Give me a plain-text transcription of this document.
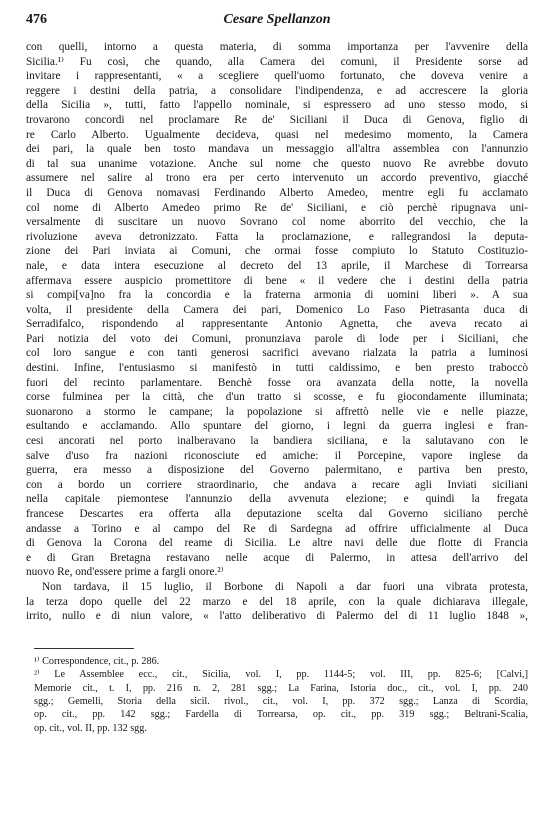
476	Cesare Spellanzon
con quelli, intorno a questa materia, di somma importanza per l'avvenire della
Sicilia.¹⁾ Fu così, che quando, alla Camera dei comuni, il Presidente sorse ad
invitare i rappresentanti, « a scegliere quell'uomo fortunato, che doveva venire a
reggere i destini della patria, a consolidare l'indipendenza, e ad accrescere la gloria
della Sicilia », tutti, fatto l'appello nominale, si espressero ad uno stesso modo, si
trovarono concordi nel proclamare Re de' Siciliani il Duca di Genova, figlio di
re Carlo Alberto. Ugualmente decideva, quasi nel medesimo momento, la Camera
dei pari, la quale ben tosto mandava un messaggio all'altra assemblea con l'annunzio
di tal sua unanime votazione. Anche sul nome che questo nuovo Re avrebbe dovuto
assumere nel salire al trono era per certo intervenuto un accordo preventivo, giacché
il Duca di Genova nomavasi Ferdinando Alberto Amedeo, mentre egli fu acclamato
col nome di Alberto Amedeo primo Re de' Siciliani, e ciò perchè ripugnava uni-
versalmente di suscitare un nuovo Sovrano col nome aborrito del vecchio, che la
rivoluzione aveva detronizzato. Fatta la proclamazione, e rallegrandosi la deputa-
zione dei Pari inviata ai Comuni, che ormai fosse compiuto lo Statuto Costituzio-
nale, e data intera esecuzione al decreto del 13 aprile, il Marchese di Torrearsa
affermava essere auspicio promettitore di bene « il vedere che i destini della patria
si compi[va]no fra la concordia e la fraterna armonia di uomini liberi ». A sua
volta, il presidente della Camera dei pari, Domenico Lo Faso Pietrasanta duca di
Serradifalco, rispondendo al rappresentante Antonio Agnetta, che aveva recato ai
Pari notizia del voto dei Comuni, pronunziava parole di lode per i Siciliani, che
col loro sangue e con tanti generosi sacrifici avevano rialzata la patria a luminosi
destini. Infine, l'entusiasmo si manifestò in tutti caldissimo, e ben presto traboccò
fuori del recinto parlamentare. Benchè fosse ora avanzata della notte, la novella
corse fulminea per la città, che d'un tratto si scosse, e fu giocondamente illuminata;
suonarono a stormo le campane; la popolazione si affrettò nelle vie e nelle piazze,
esultando e acclamando. Allo spuntare del giorno, i legni da guerra inglesi e fran-
cesi ancorati nel porto inalberavano la bandiera siciliana, e la salutavano con le
salve d'uso fra nazioni riconosciute ed amiche: il Porcepine, vapore inglese da
guerra, era messo a disposizione del Governo palermitano, e partiva ben presto,
con a bordo un corriere straordinario, che andava a recare agli Inviati siciliani
nella capitale piemontese l'annunzio della avvenuta elezione; e quindi la fregata
francese Descartes era offerta alla deputazione scelta dal Governo siciliano perchè
andasse a Torino e al campo del Re di Sardegna ad offrire ufficialmente al Duca
di Genova la Corona del reame di Sicilia. Le altre navi delle due flotte di Francia
e di Gran Bretagna restavano nelle acque di Palermo, in attesa dell'arrivo del
nuovo Re, ond'essere prime a fargli onore.²⁾
Non tardava, il 15 luglio, il Borbone di Napoli a dar fuori una vibrata protesta,
la terza dopo quelle del 22 marzo e del 18 aprile, con la quale dichiarava illegale,
irrito, nullo e di niun valore, « l'atto deliberativo di Palermo del di 11 luglio 1848 »,
¹⁾ Correspondence, cit., p. 286.
²⁾ Le Assemblee ecc., cit., Sicilia, vol. I, pp. 1144-5; vol. III, pp. 825-6; [Calvi,]
Memorie cit., t. I, pp. 216 n. 2, 281 sgg.; La Farina, Istoria doc., cit., vol. I, pp. 240
sgg.; Gemelli, Storia della sicil. rivol., cit., vol. I, pp. 372 sgg.; Lanza di Scordia,
op. cit., pp. 142 sgg.; Fardella di Torrearsa, op. cit., pp. 319 sgg.; Beltrani-Scalia,
op. cit., vol. II, pp. 132 sgg.
